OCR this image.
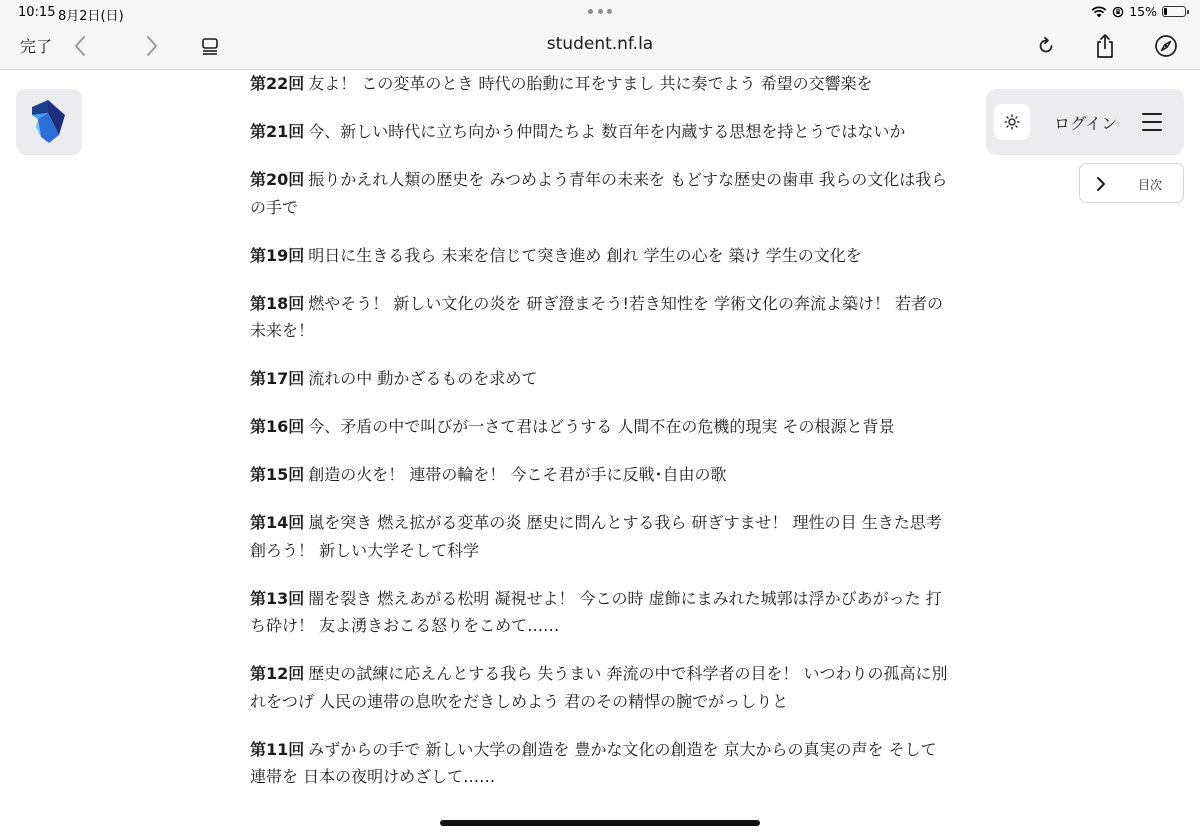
10:15 8月2日(日)	15%
完了	student.nf.la
ログイン
目次

第22回 友よ！ この変革のとき 時代の胎動に耳をすまし 共に奏でよう 希望の交響楽を

第21回 今、新しい時代に立ち向かう仲間たちよ 数百年を内蔵する思想を持とうではないか

第20回 振りかえれ人類の歴史を みつめよう青年の未来を もどすな歴史の歯車 我らの文化は我らの手で

第19回 明日に生きる我ら 未来を信じて突き進め 創れ 学生の心を 築け 学生の文化を

第18回 燃やそう！ 新しい文化の炎を 研ぎ澄まそう!若き知性を 学術文化の奔流よ築け！ 若者の未来を！

第17回 流れの中 動かざるものを求めて

第16回 今、矛盾の中で叫びが一さて君はどうする 人間不在の危機的現実 その根源と背景

第15回 創造の火を！ 連帯の輪を！ 今こそ君が手に反戦･自由の歌

第14回 嵐を突き 燃え拡がる変革の炎 歴史に問んとする我ら 研ぎすませ！ 理性の目 生きた思考 創ろう！ 新しい大学そして科学

第13回 闇を裂き 燃えあがる松明 凝視せよ！ 今この時 虚飾にまみれた城郭は浮かびあがった 打ち砕け！ 友よ湧きおこる怒りをこめて‥‥‥

第12回 歴史の試練に応えんとする我ら 失うまい 奔流の中で科学者の目を！ いつわりの孤高に別れをつげ 人民の連帯の息吹をだきしめよう 君のその精悍の腕でがっしりと

第11回 みずからの手で 新しい大学の創造を 豊かな文化の創造を 京大からの真実の声を そして連帯を 日本の夜明けめざして‥‥‥
